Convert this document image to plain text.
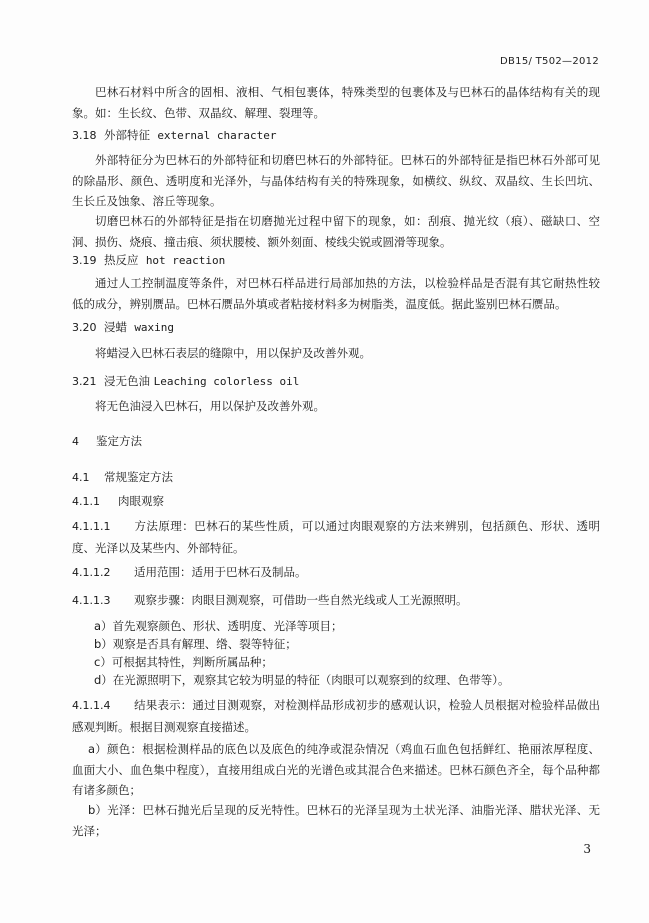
DB15/ T502—2012

巴林石材料中所含的固相、液相、气相包裹体，特殊类型的包裹体及与巴林石的晶体结构有关的现象。如：生长纹、色带、双晶纹、解理、裂理等。

3.18 外部特征 external character

外部特征分为巴林石的外部特征和切磨巴林石的外部特征。巴林石的外部特征是指巴林石外部可见的除晶形、颜色、透明度和光泽外，与晶体结构有关的特殊现象，如横纹、纵纹、双晶纹、生长凹坑、生长丘及蚀象、溶丘等现象。

切磨巴林石的外部特征是指在切磨抛光过程中留下的现象，如：刮痕、抛光纹（痕）、磁缺口、空洞、损伤、烧痕、撞击痕、须状腰棱、额外刻面、棱线尖锐或圆滑等现象。

3.19 热反应 hot reaction

通过人工控制温度等条件，对巴林石样品进行局部加热的方法，以检验样品是否混有其它耐热性较低的成分，辨别赝品。巴林石赝品外填或者粘接材料多为树脂类，温度低。据此鉴别巴林石赝品。

3.20 浸蜡 waxing

将蜡浸入巴林石表层的缝隙中，用以保护及改善外观。

3.21 浸无色油 Leaching colorless oil

将无色油浸入巴林石，用以保护及改善外观。

4 鉴定方法
4.1 常规鉴定方法
4.1.1 肉眼观察

4.1.1.1 方法原理：巴林石的某些性质，可以通过肉眼观察的方法来辨别，包括颜色、形状、透明度、光泽以及某些内、外部特征。

4.1.1.2 适用范围：适用于巴林石及制品。

4.1.1.3 观察步骤：肉眼目测观察，可借助一些自然光线或人工光源照明。

a）首先观察颜色、形状、透明度、光泽等项目；
b）观察是否具有解理、绺、裂等特征；
c）可根据其特性，判断所属品种；
d）在光源照明下，观察其它较为明显的特征（肉眼可以观察到的纹理、色带等）。

4.1.1.4 结果表示：通过目测观察，对检测样品形成初步的感观认识，检验人员根据对检验样品做出感观判断。根据目测观察直接描述。

a）颜色：根据检测样品的底色以及底色的纯净或混杂情况（鸡血石血色包括鲜红、艳丽浓厚程度、血面大小、血色集中程度），直接用组成白光的光谱色或其混合色来描述。巴林石颜色齐全，每个品种都有诸多颜色；

b）光泽：巴林石抛光后呈现的反光特性。巴林石的光泽呈现为土状光泽、油脂光泽、腊状光泽、无光泽；

3
